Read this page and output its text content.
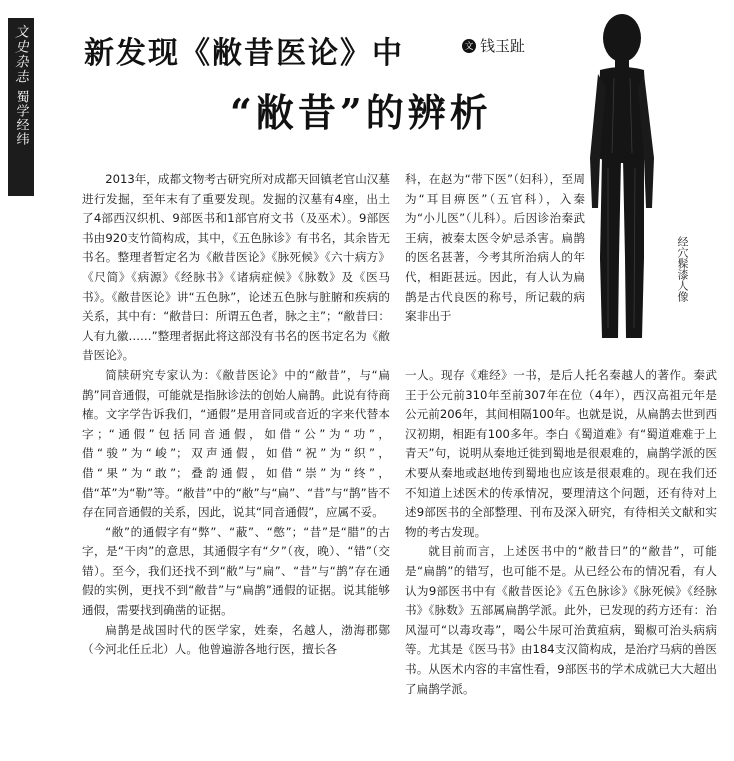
文史杂志
蜀学经纬
新发现《敝昔医论》中
“敝昔”的辨析
文 钱玉趾
经穴髹漆人像

2013年，成都文物考古研究所对成都天回镇老官山汉墓进行发掘，至年末有了重要发现。发掘的汉墓有4座，出土了4部西汉织机、9部医书和1部官府文书（及巫术）。9部医书由920支竹简构成，其中，《五色脉诊》有书名，其余皆无书名。整理者暂定名为《敝昔医论》《脉死候》《六十病方》《尺简》《病源》《经脉书》《诸病症候》《脉数》及《医马书》。《敝昔医论》讲“五色脉”，论述五色脉与脏腑和疾病的关系，其中有：“敝昔曰：所谓五色者，脉之主”；“敝昔曰：人有九徽……”整理者据此将这部没有书名的医书定名为《敝昔医论》。

简牍研究专家认为：《敝昔医论》中的“敝昔”，与“扁鹊”同音通假，可能就是指脉诊法的创始人扁鹊。此说有待商榷。文字学告诉我们，“通假”是用音同或音近的字来代替本字；“通假”包括同音通假，如借“公”为“功”，借“骏”为“峻”；双声通假，如借“祝”为“织”，借“果”为“敢”；叠韵通假，如借“崇”为“终”，借“革”为“勒”等。“敝昔”中的“敝”与“扁”、“昔”与“鹊”皆不存在同音通假的关系，因此，说其“同音通假”，应属不妥。

“敝”的通假字有“弊”、“蔽”、“憋”；“昔”是“腊”的古字，是“干肉”的意思，其通假字有“夕”（夜，晚）、“错”（交错）。至今，我们还找不到“敝”与“扁”、“昔”与“鹊”存在通假的实例，更找不到“敝昔”与“扁鹊”通假的证据。说其能够通假，需要找到确凿的证据。

扁鹊是战国时代的医学家，姓秦，名越人，渤海郡鄚（今河北任丘北）人。他曾遍游各地行医，擅长各

科，在赵为“带下医”（妇科），至周为“耳目痹医”（五官科），入秦为“小儿医”（儿科）。后因诊治秦武王病，被秦太医令妒忌杀害。扁鹊的医名甚著，今考其所治病人的年代，相距甚远。因此，有人认为扁鹊是古代良医的称号，所记载的病案非出于

一人。现存《难经》一书，是后人托名秦越人的著作。秦武王于公元前310年至前307年在位（4年），西汉高祖元年是公元前206年，其间相隔100年。也就是说，从扁鹊去世到西汉初期，相距有100多年。李白《蜀道难》有“蜀道难难于上青天”句，说明从秦地迁徙到蜀地是很艰难的，扁鹊学派的医术要从秦地或赵地传到蜀地也应该是很艰难的。现在我们还不知道上述医术的传承情况，要理清这个问题，还有待对上述9部医书的全部整理、刊布及深入研究，有待相关文献和实物的考古发现。

就目前而言，上述医书中的“敝昔曰”的“敝昔”，可能是“扁鹊”的错写，也可能不是。从已经公布的情况看，有人认为9部医书中有《敝昔医论》《五色脉诊》《脉死候》《经脉书》《脉数》五部属扁鹊学派。此外，已发现的药方还有：治风湿可“以毒攻毒”，喝公牛尿可治黄疸病，蜀椒可治头病病等。尤其是《医马书》由184支汉简构成，是治疗马病的兽医书。从医术内容的丰富性看，9部医书的学术成就已大大超出了扁鹊学派。
